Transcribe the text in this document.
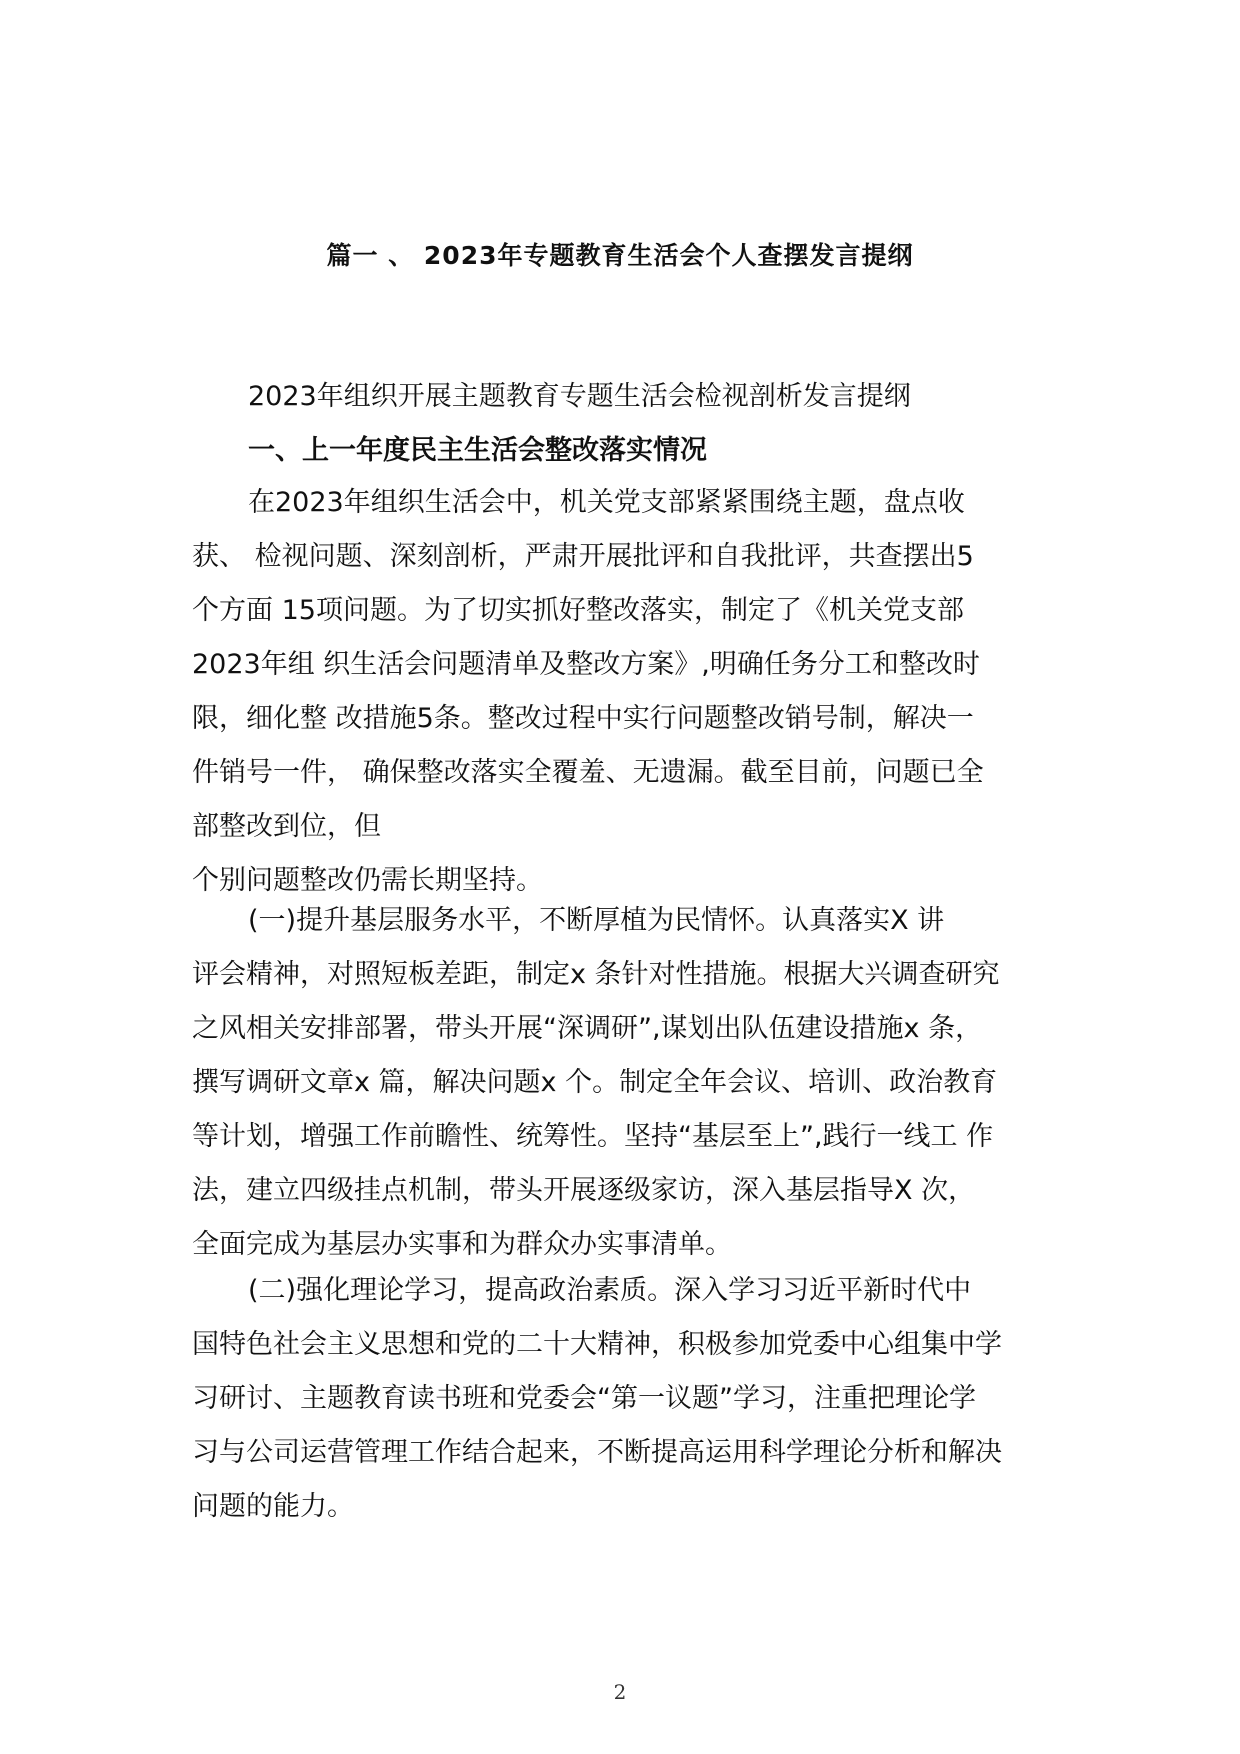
篇一 、 2023年专题教育生活会个人查摆发言提纲

2023年组织开展主题教育专题生活会检视剖析发言提纲

一、上一年度民主生活会整改落实情况
在2023年组织生活会中，机关党支部紧紧围绕主题，盘点收
获、 检视问题、深刻剖析，严肃开展批评和自我批评，共查摆出5
个方面 15项问题。为了切实抓好整改落实，制定了《机关党支部
2023年组 织生活会问题清单及整改方案》,明确任务分工和整改时
限，细化整 改措施5条。整改过程中实行问题整改销号制，解决一
件销号一件， 确保整改落实全覆羞、无遗漏。截至目前，问题已全
部整改到位，但
个别问题整改仍需长期坚持。
(一)提升基层服务水平，不断厚植为民情怀。认真落实X 讲
评会精神，对照短板差距，制定x 条针对性措施。根据大兴调查研究
之风相关安排部署，带头开展“深调研”,谋划出队伍建设措施x 条，
撰写调研文章x 篇，解决问题x 个。制定全年会议、培训、政治教育
等计划，增强工作前瞻性、统筹性。坚持“基层至上”,践行一线工 作
法，建立四级挂点机制，带头开展逐级家访，深入基层指导X 次，
全面完成为基层办实事和为群众办实事清单。
(二)强化理论学习，提高政治素质。深入学习习近平新时代中
国特色社会主义思想和党的二十大精神，积极参加党委中心组集中学
习研讨、主题教育读书班和党委会“第一议题”学习，注重把理论学
习与公司运营管理工作结合起来，不断提高运用科学理论分析和解决
问题的能力。

2
